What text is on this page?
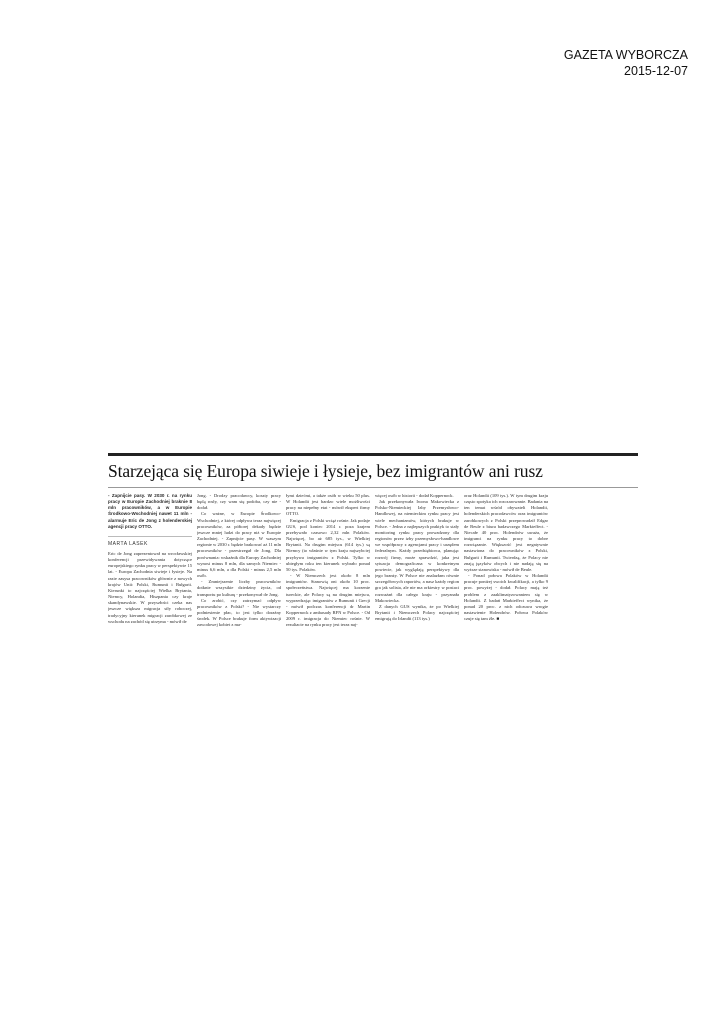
GAZETA WYBORCZA
2015-12-07
Starzejąca się Europa siwieje i łysieje, bez imigrantów ani rusz

- Zapnijcie pasy. W 2030 r. na rynku pracy w Europie Zachodniej braknie 8 mln pracowników, a w Europie Środkowo-Wschodniej nawet 11 mln - alarmuje Eric de Jong z holenderskiej agencji pracy OTTO.

MARTA LASEK

Eric de Jong zaprezentował na wrocławskiej konferencji przewidywania dotyczące europejskiego rynku pracy w perspektywie 15 lat. - Europa Zachodnia siwieje i łysieje. Na razie zasysa pracowników głównie z nowych krajów Unii: Polski, Rumunii i Bułgarii. Kierunki to najczęściej Wielka Brytania, Niemcy, Holandia, Hiszpania czy kraje skandynawskie. W przyszłości czeka nas jeszcze większa migracja siły roboczej, tradycyjny kierunek migracji zarobkowej ze wschodu na zachód się utrzyma - mówił de

Jong. - Drodzy pracodawcy, koszty pracy będą rosły, czy wam się podoba, czy nie - dodał.

Co ważne, w Europie Środkowo-Wschodniej, z której odpływa teraz najwięcej pracowników, za półtorej dekady będzie jeszcze mniej ludzi do pracy niż w Europie Zachodniej. - Zapnijcie pasy. W waszym regionie w 2030 r. będzie brakować aż 11 mln pracowników - przestrzegał de Jong. Dla porównania: wskaźnik dla Europy Zachodniej wynosi minus 8 mln, dla samych Niemiec - minus 6,6 mln, a dla Polski - minus 2,5 mln osób.

- Zmniejszenie liczby pracowników dotknie wszystkie dziedziny życia, od transportu po kulturę - przekonywał de Jong.

Co zrobić, czy zatrzymać odpływ pracowników z Polski? - Nie wystarczy podniesienie płac, to jest tylko doraźny środek. W Polsce brakuje form aktywizacji zawodowej kobiet z ma-

łymi dziećmi, a także osób w wieku 50 plus. W Holandii jest bardzo wiele możliwości pracy na niepełny etat - mówił ekspert firmy OTTO.

Emigracja z Polski wciąż rośnie. Jak podaje GUS, pod koniec 2014 r. poza krajem przebywało czasowo 2,32 mln Polaków. Najwięcej, bo aż 685 tys., w Wielkiej Brytanii. Na drugim miejscu (614 tys.) są Niemcy (to właśnie w tym kraju najszybciej przybywa imigrantów z Polski. Tylko w ubiegłym roku ten kierunek wybrało ponad 50 tys. Polaków.

- W Niemczech jest około 8 mln imigrantów. Stanowią oni około 10 proc. społeczeństwa. Najwięcej ma korzenie tureckie, ale Polacy są na drugim miejscu, wyprzedzając imigrantów z Rumunii i Grecji - mówił podczas konferencji dr Martin Koppernock z ambasady RFN w Polsce. - Od 2009 r. imigracja do Niemiec rośnie. W rezultacie na rynku pracy jest teraz naj-

więcej osób w historii - dodał Koppernock.

Jak przekonywała Iwona Makowiecka z Polsko-Niemieckiej Izby Przemysłowo-Handlowej, na niemieckim rynku pracy jest wiele mechanizmów, których brakuje w Polsce. - Jedna z najlepszych praktyk to stały monitoring rynku pracy prowadzony dla regionów przez izby przemysłowo-handlowe we współpracy z agencjami pracy i urzędem federalnym. Każdy przedsiębiorca, planując rozwój firmy, może sprawdzić, jaka jest sytuacja demograficzna w konkretnym powiecie, jak wyglądają perspektywy dla jego branży. W Polsce nie znalazłam równie szczegółowych raportów, a nasz każdy region gra jak solista, ale nie ma orkiestry w postaci rozważań dla całego kraju - przyznała Makowiecka.

Z danych GUS wynika, że po Wielkiej Brytanii i Niemczech Polacy najczęściej emigrują do Irlandii (113 tys.)

oraz Holandii (109 tys.). W tym drugim kraju często spotyka ich rozczarowanie. Badania na ten temat wśród obywateli Holandii, holenderskich pracodawców oraz imigrantów zarobkowych z Polski przeprowadził Edgar de Beule z biura badawczego Markteffect. - Niecałe 40 proc. Holendrów uważa, że imigranci na rynku pracy to dobre rozwiązanie. Większość jest negatywnie nastawiona do pracowników z Polski, Bułgarii i Rumunii. Twierdzą, że Polacy nie znają języków obcych i nie nadają się na wyższe stanowiska - mówił de Beule.

- Ponad połowa Polaków w Holandii pracuje poniżej swoich kwalifikacji, a tylko 9 proc. powyżej - dodał. Polacy mają też problem z zaaklimatyzowaniem się w Holandii. Z badań Markteffect wynika, że ponad 20 proc. z nich odczuwa wrogie nastawienie Holendrów. Połowa Polaków czuje się tam źle. ■
